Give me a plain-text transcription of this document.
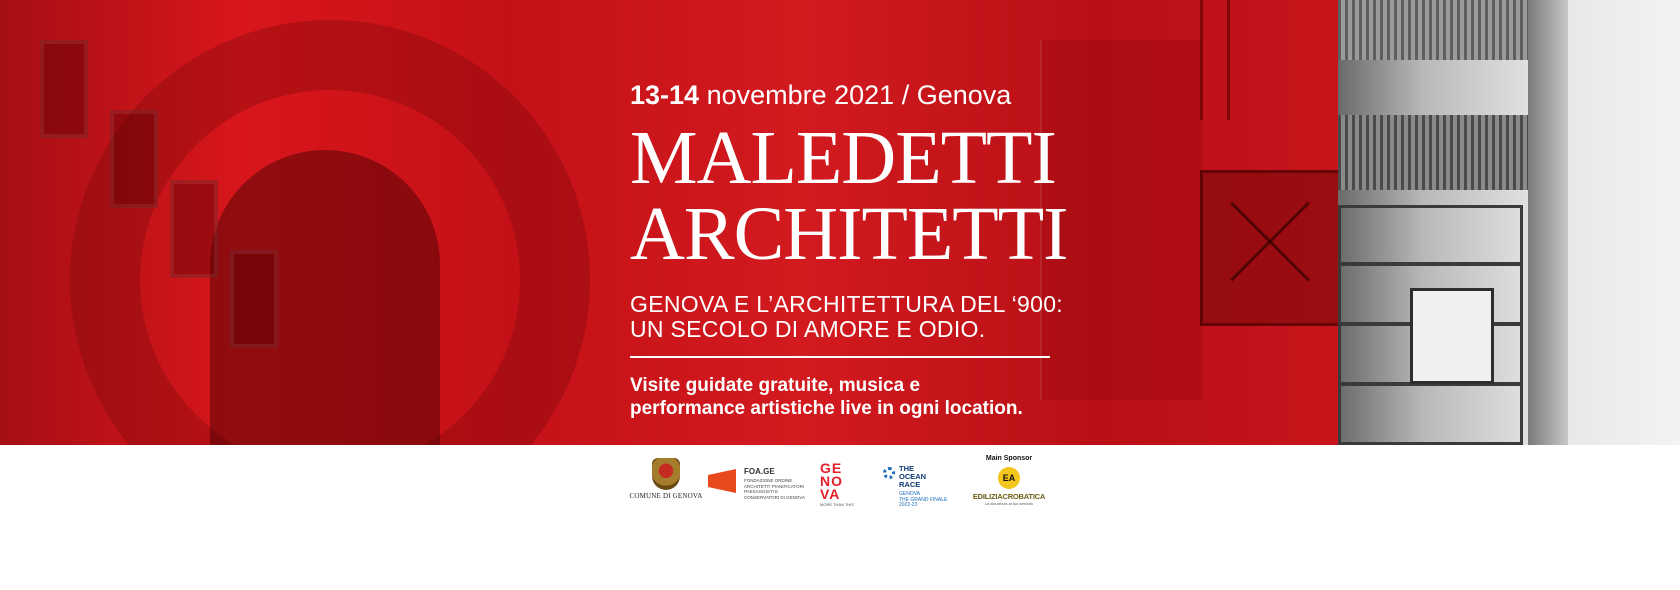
13-14 novembre 2021 / Genova
MALEDETTI
ARCHITETTI
GENOVA E L’ARCHITETTURA DEL ‘900:
UN SECOLO DI AMORE E ODIO.
Visite guidate gratuite, musica e
performance artistiche live in ogni location.
COMUNE DI GENOVA
FOA.GE
FONDAZIONE ORDINE ARCHITETTI PIANIFICATORI PAESAGGISTI E CONSERVATORI DI GENOVA
GE
NO
VA
MORE THAN THIS
THE
OCEAN
RACE
GENOVA
THE GRAND FINALE
2022-23
Main Sponsor
EA
EDILIZIACROBATICA
La sicurezza al tuo servizio
